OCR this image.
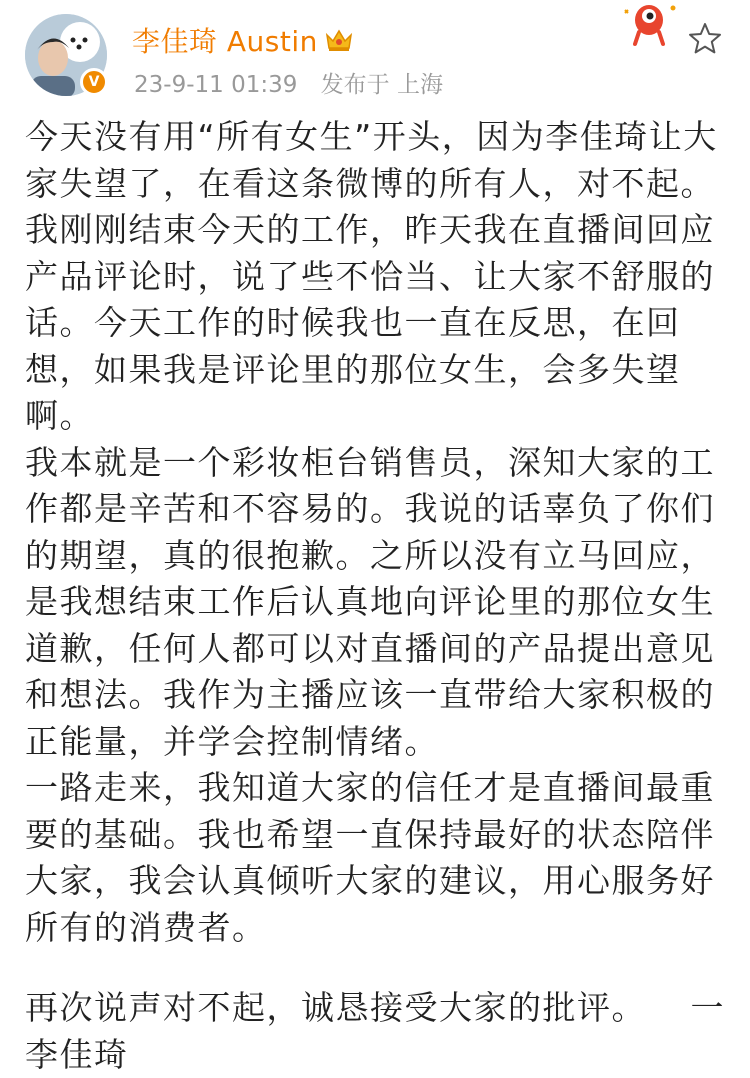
V
李佳琦 Austin
23-9-11 01:39 发布于 上海
今天没有用“所有女生”开头，因为李佳琦让大家失望了，在看这条微博的所有人，对不起。
我刚刚结束今天的工作，昨天我在直播间回应产品评论时，说了些不恰当、让大家不舒服的话。今天工作的时候我也一直在反思，在回想，如果我是评论里的那位女生，会多失望啊。
我本就是一个彩妆柜台销售员，深知大家的工作都是辛苦和不容易的。我说的话辜负了你们的期望，真的很抱歉。之所以没有立马回应，是我想结束工作后认真地向评论里的那位女生道歉，任何人都可以对直播间的产品提出意见和想法。我作为主播应该一直带给大家积极的正能量，并学会控制情绪。
一路走来，我知道大家的信任才是直播间最重要的基础。我也希望一直保持最好的状态陪伴大家，我会认真倾听大家的建议，用心服务好所有的消费者。
再次说声对不起，诚恳接受大家的批评。 一
李佳琦
